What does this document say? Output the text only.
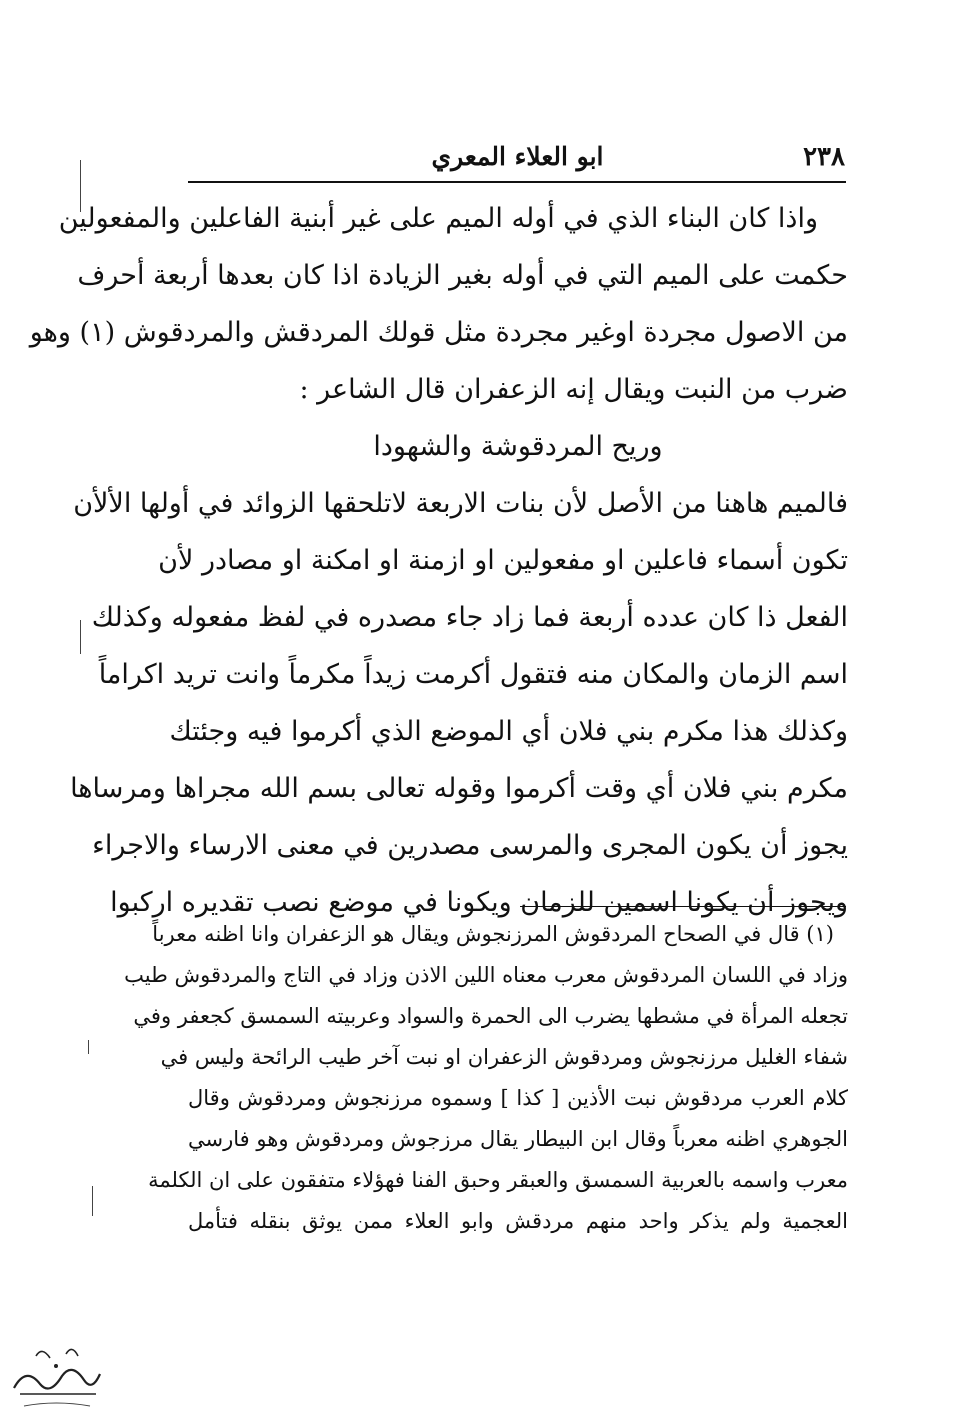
٢٣٨
ابو العلاء المعري
واذا كان البناء الذي في أوله الميم على غير أبنية الفاعلين والمفعولين
حكمت على الميم التي في أوله بغير الزيادة اذا كان بعدها أربعة أحرف
من الاصول مجردة اوغير مجردة مثل قولك المردقش والمردقوش (١) وهو
ضرب من النبت ويقال إنه الزعفران قال الشاعر :
وريح المردقوشة والشهودا
فالميم هاهنا من الأصل لأن بنات الاربعة لاتلحقها الزوائد في أولها الألأن
تكون أسماء فاعلين او مفعولين او ازمنة او امكنة او مصادر لأن
الفعل ذا كان عدده أربعة فما زاد جاء مصدره في لفظ مفعوله وكذلك
اسم الزمان والمكان منه فتقول أكرمت زيداً مكرماً وانت تريد اكراماً
وكذلك هذا مكرم بني فلان أي الموضع الذي أكرموا فيه وجئتك
مكرم بني فلان أي وقت أكرموا وقوله تعالى بسم الله مجراها ومرساها
يجوز أن يكون المجرى والمرسى مصدرين في معنى الارساء والاجراء
ويجوز أن يكونا اسمين للزمان ويكونا في موضع نصب تقديره اركبوا
(١) قال في الصحاح المردقوش المرزنجوش ويقال هو الزعفران وانا اظنه معرباً
وزاد في اللسان المردقوش معرب معناه اللين الاذن وزاد في التاج والمردقوش طيب
تجعله المرأة في مشطها يضرب الى الحمرة والسواد وعربيته السمسق كجعفر وفي
شفاء الغليل مرزنجوش ومردقوش الزعفران او نبت آخر طيب الرائحة وليس في
كلام العرب مردقوش نبت الأذين [ كذا ] وسموه مرزنجوش ومردقوش وقال
الجوهري اظنه معرباً وقال ابن البيطار يقال مرزجوش ومردقوش وهو فارسي
معرب واسمه بالعربية السمسق والعبقر وحبق الفنا فهؤلاء متفقون على ان الكلمة
العجمية ولم يذكر واحد منهم مردقش وابو العلاء ممن يوثق بنقله فتأمل
